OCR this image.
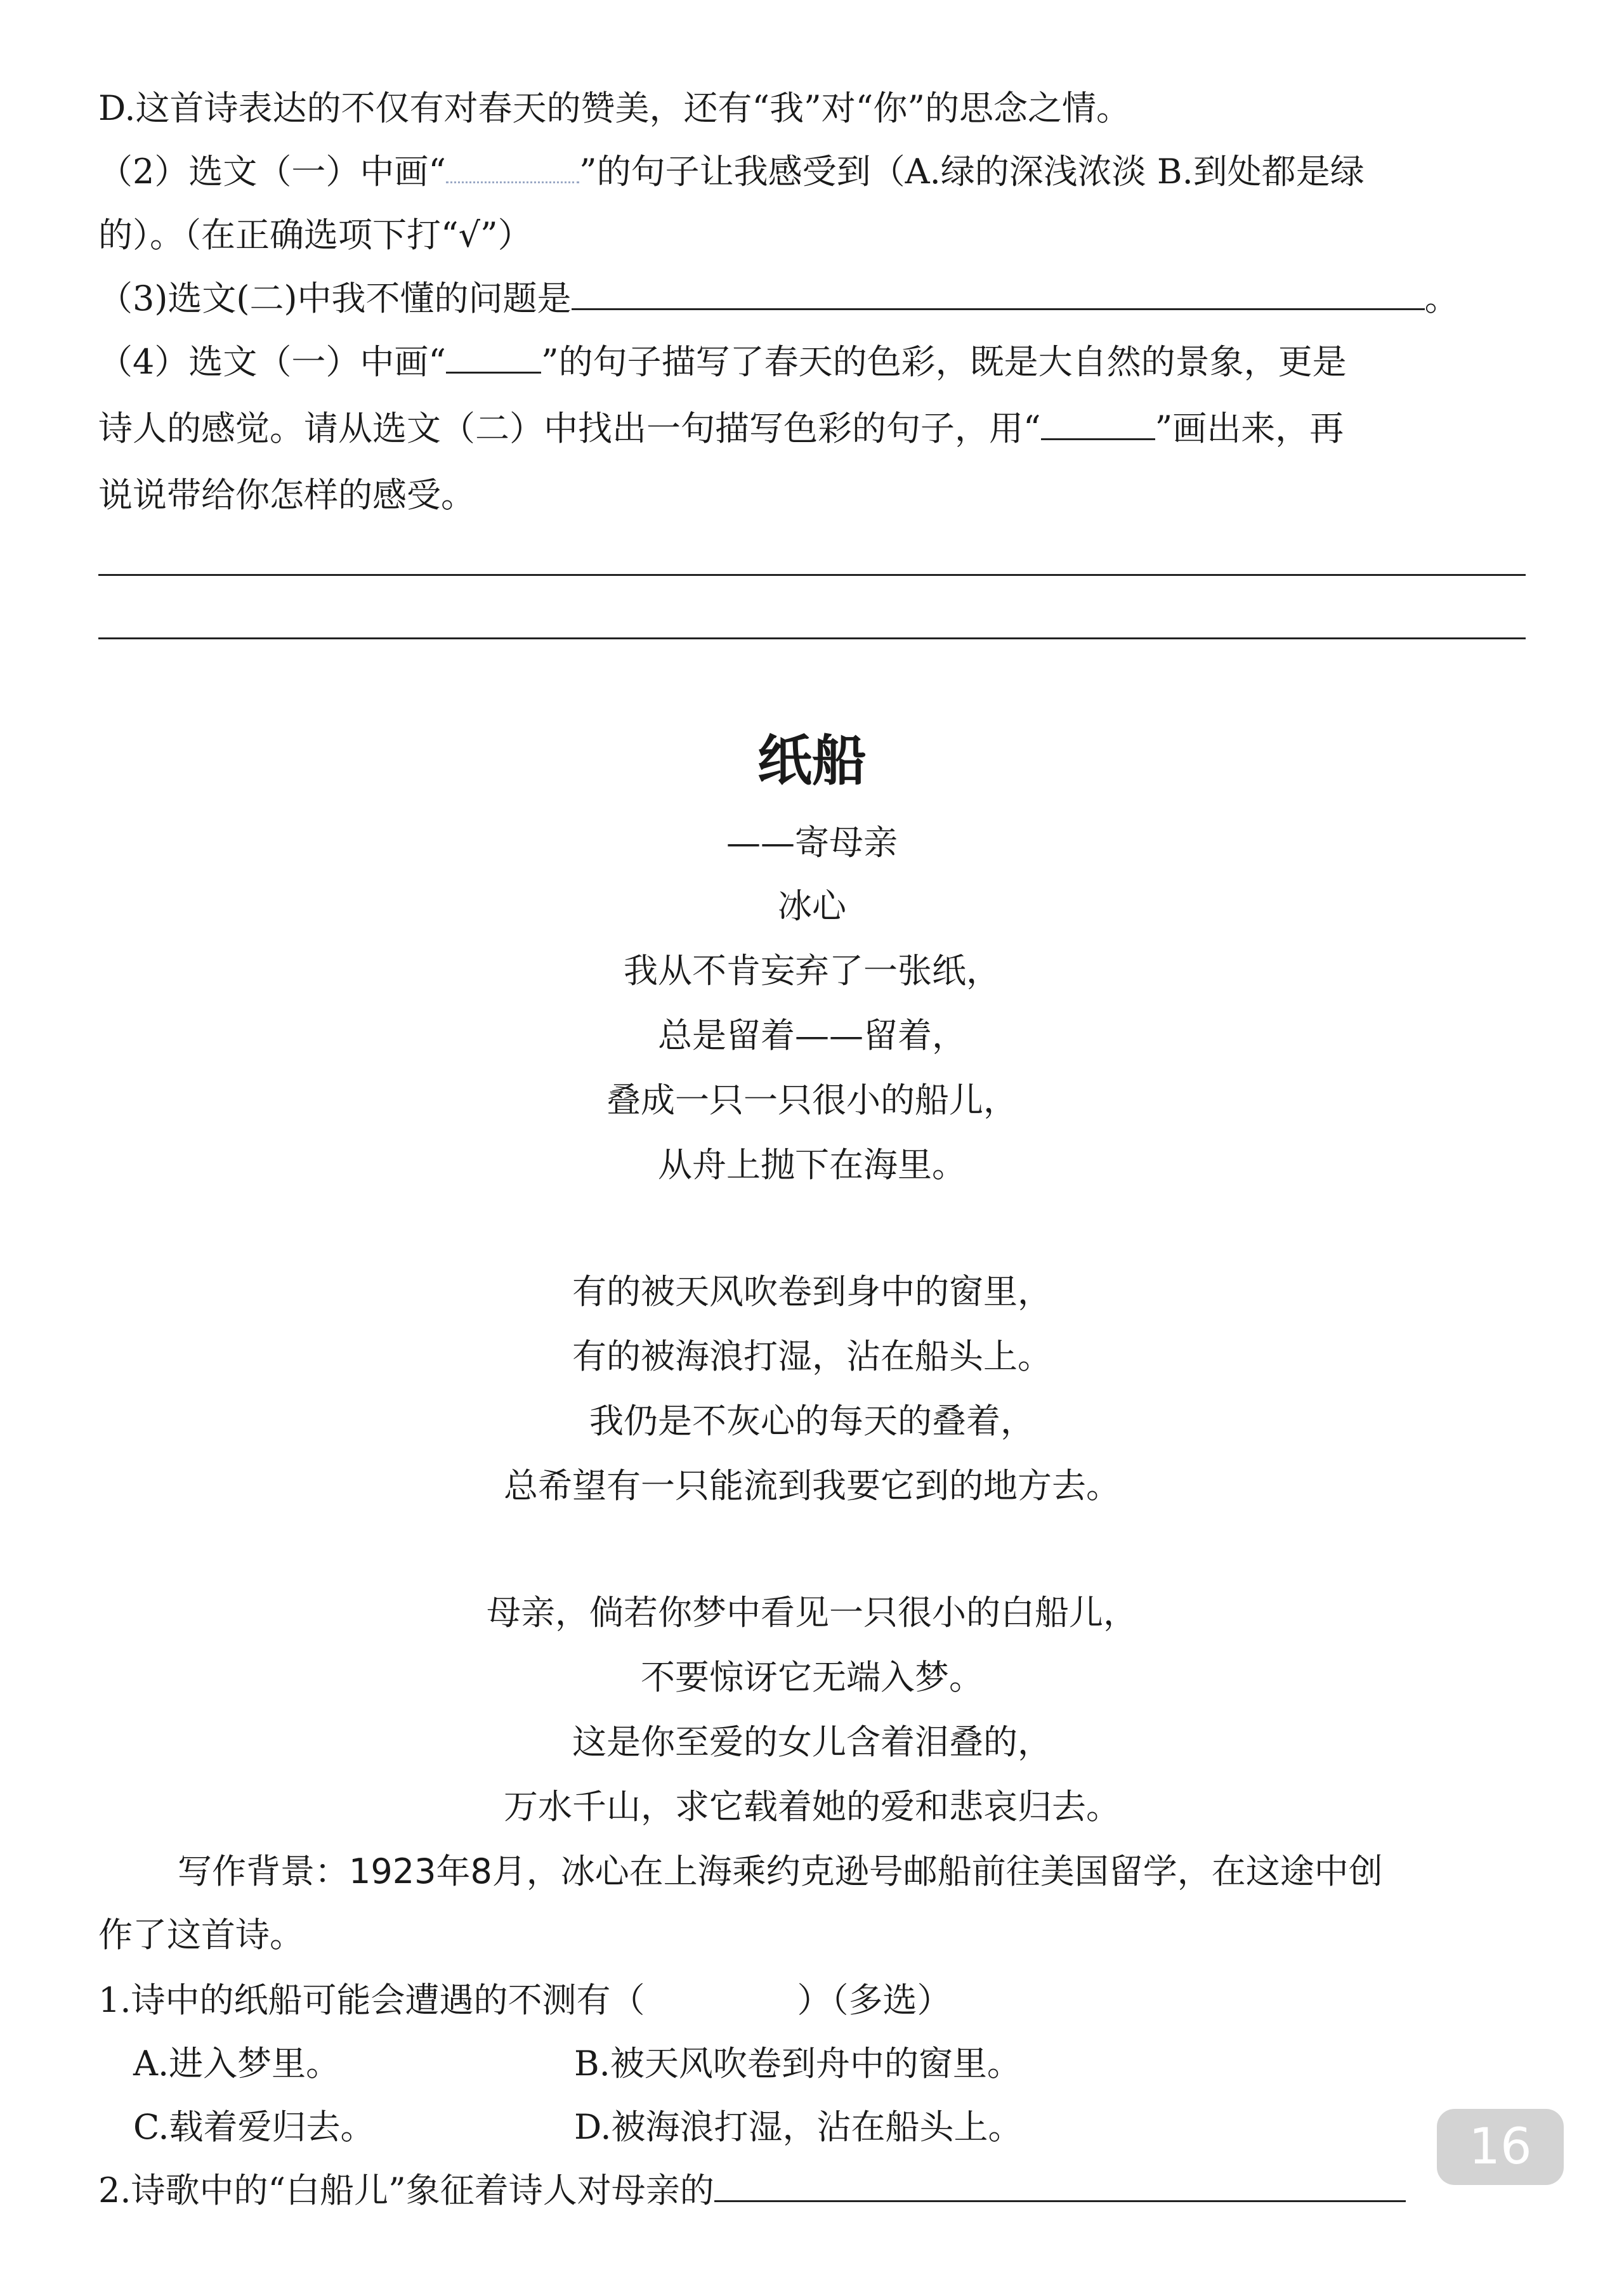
D.这首诗表达的不仅有对春天的赞美，还有“我”对“你”的思念之情。
（2）选文（一）中画“	”的句子让我感受到（A.绿的深浅浓淡 B.到处都是绿
的）。（在正确选项下打“√”）
（3)选文(二)中我不懂的问题是	。
（4）选文（一）中画“	”的句子描写了春天的色彩，既是大自然的景象，更是
诗人的感觉。请从选文（二）中找出一句描写色彩的句子，用“	”画出来，再
说说带给你怎样的感受。
纸船
——寄母亲
冰心
我从不肯妄弃了一张纸，
总是留着——留着，
叠成一只一只很小的船儿，
从舟上抛下在海里。
有的被天风吹卷到身中的窗里，
有的被海浪打湿，沾在船头上。
我仍是不灰心的每天的叠着，
总希望有一只能流到我要它到的地方去。
母亲，倘若你梦中看见一只很小的白船儿，
不要惊讶它无端入梦。
这是你至爱的女儿含着泪叠的，
万水千山，求它载着她的爱和悲哀归去。
写作背景：1923年8月，冰心在上海乘约克逊号邮船前往美国留学，在这途中创
作了这首诗。
1.诗中的纸船可能会遭遇的不测有（	）（多选）
A.进入梦里。	B.被天风吹卷到舟中的窗里。
C.载着爱归去。	D.被海浪打湿，沾在船头上。
2.诗歌中的“白船儿”象征着诗人对母亲的
16
